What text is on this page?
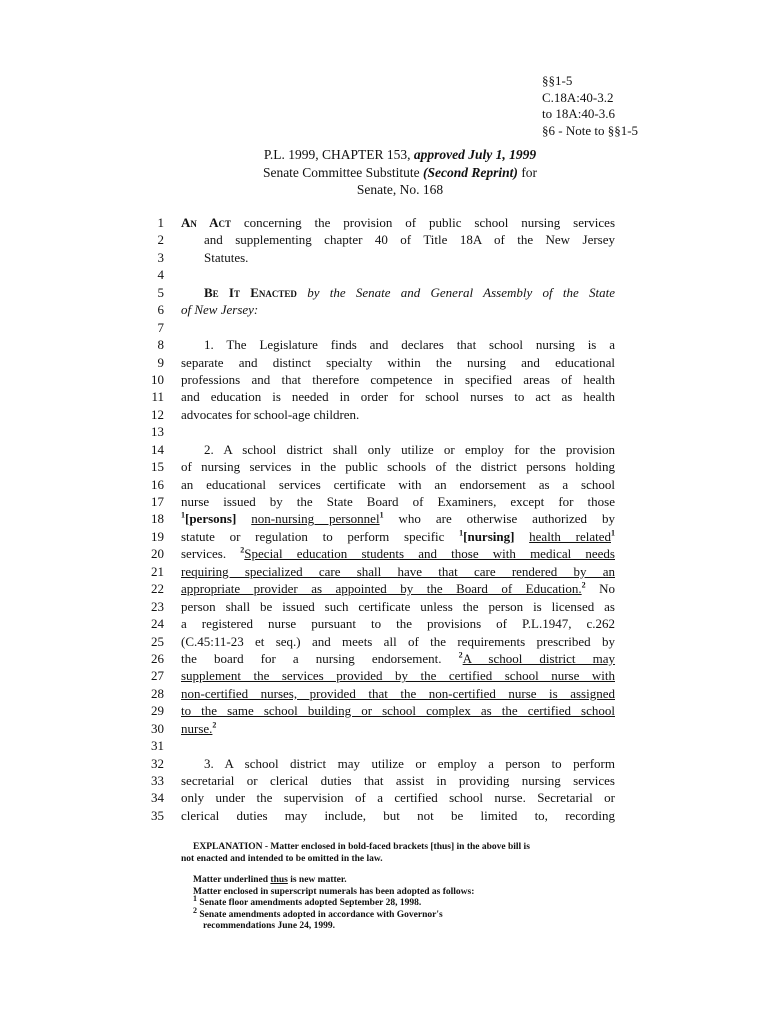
§§1-5
C.18A:40-3.2
to 18A:40-3.6
§6 - Note to §§1-5
P.L. 1999, CHAPTER 153, approved July 1, 1999
Senate Committee Substitute (Second Reprint) for
Senate, No. 168
1 An Act concerning the provision of public school nursing services
2	and supplementing chapter 40 of Title 18A of the New Jersey
3	Statutes.
4
5	Be It Enacted by the Senate and General Assembly of the State
6 of New Jersey:
7
8	1. The Legislature finds and declares that school nursing is a
9 separate and distinct specialty within the nursing and educational
10 professions and that therefore competence in specified areas of health
11 and education is needed in order for school nurses to act as health
12 advocates for school-age children.
13
14	2. A school district shall only utilize or employ for the provision
15 of nursing services in the public schools of the district persons holding
16 an educational services certificate with an endorsement as a school
17 nurse issued by the State Board of Examiners, except for those
18 $^1$[persons] non-nursing personnel$^1$ who are otherwise authorized by
19 statute or regulation to perform specific $^1$[nursing] health related$^1$
20 services. $^2$Special education students and those with medical needs
21 requiring specialized care shall have that care rendered by an
22 appropriate provider as appointed by the Board of Education.$^2$ No
23 person shall be issued such certificate unless the person is licensed as
24 a registered nurse pursuant to the provisions of P.L.1947, c.262
25 (C.45:11-23 et seq.) and meets all of the requirements prescribed by
26 the board for a nursing endorsement. $^2$A school district may
27 supplement the services provided by the certified school nurse with
28 non-certified nurses, provided that the non-certified nurse is assigned
29 to the same school building or school complex as the certified school
30 nurse.$^2$
31
32	3. A school district may utilize or employ a person to perform
33 secretarial or clerical duties that assist in providing nursing services
34 only under the supervision of a certified school nurse. Secretarial or
35 clerical duties may include, but not be limited to, recording
EXPLANATION - Matter enclosed in bold-faced brackets [thus] in the above bill is
not enacted and intended to be omitted in the law.
Matter underlined thus is new matter.
Matter enclosed in superscript numerals has been adopted as follows:
$^1$ Senate floor amendments adopted September 28, 1998.
$^2$ Senate amendments adopted in accordance with Governor's
recommendations June 24, 1999.
